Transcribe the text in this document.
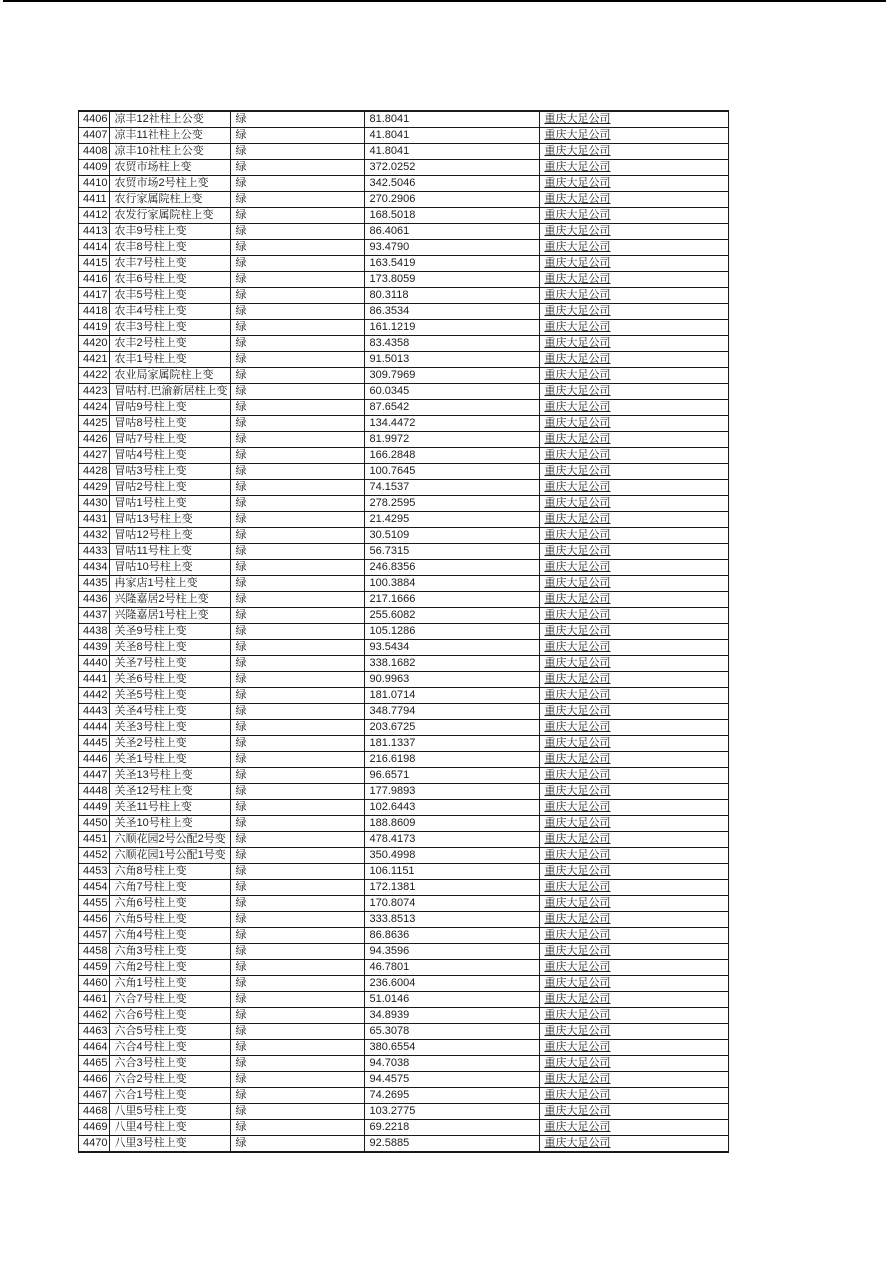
4406	凉丰12社柱上公变	绿	81.8041	重庆大足公司
4407	凉丰11社柱上公变	绿	41.8041	重庆大足公司
4408	凉丰10社柱上公变	绿	41.8041	重庆大足公司
4409	农贸市场柱上变	绿	372.0252	重庆大足公司
4410	农贸市场2号柱上变	绿	342.5046	重庆大足公司
4411	农行家属院柱上变	绿	270.2906	重庆大足公司
4412	农发行家属院柱上变	绿	168.5018	重庆大足公司
4413	农丰9号柱上变	绿	86.4061	重庆大足公司
4414	农丰8号柱上变	绿	93.4790	重庆大足公司
4415	农丰7号柱上变	绿	163.5419	重庆大足公司
4416	农丰6号柱上变	绿	173.8059	重庆大足公司
4417	农丰5号柱上变	绿	80.3118	重庆大足公司
4418	农丰4号柱上变	绿	86.3534	重庆大足公司
4419	农丰3号柱上变	绿	161.1219	重庆大足公司
4420	农丰2号柱上变	绿	83.4358	重庆大足公司
4421	农丰1号柱上变	绿	91.5013	重庆大足公司
4422	农业局家属院柱上变	绿	309.7969	重庆大足公司
4423	冒咕村.巴渝新居柱上变	绿	60.0345	重庆大足公司
4424	冒咕9号柱上变	绿	87.6542	重庆大足公司
4425	冒咕8号柱上变	绿	134.4472	重庆大足公司
4426	冒咕7号柱上变	绿	81.9972	重庆大足公司
4427	冒咕4号柱上变	绿	166.2848	重庆大足公司
4428	冒咕3号柱上变	绿	100.7645	重庆大足公司
4429	冒咕2号柱上变	绿	74.1537	重庆大足公司
4430	冒咕1号柱上变	绿	278.2595	重庆大足公司
4431	冒咕13号柱上变	绿	21.4295	重庆大足公司
4432	冒咕12号柱上变	绿	30.5109	重庆大足公司
4433	冒咕11号柱上变	绿	56.7315	重庆大足公司
4434	冒咕10号柱上变	绿	246.8356	重庆大足公司
4435	冉家店1号柱上变	绿	100.3884	重庆大足公司
4436	兴隆嘉居2号柱上变	绿	217.1666	重庆大足公司
4437	兴隆嘉居1号柱上变	绿	255.6082	重庆大足公司
4438	关圣9号柱上变	绿	105.1286	重庆大足公司
4439	关圣8号柱上变	绿	93.5434	重庆大足公司
4440	关圣7号柱上变	绿	338.1682	重庆大足公司
4441	关圣6号柱上变	绿	90.9963	重庆大足公司
4442	关圣5号柱上变	绿	181.0714	重庆大足公司
4443	关圣4号柱上变	绿	348.7794	重庆大足公司
4444	关圣3号柱上变	绿	203.6725	重庆大足公司
4445	关圣2号柱上变	绿	181.1337	重庆大足公司
4446	关圣1号柱上变	绿	216.6198	重庆大足公司
4447	关圣13号柱上变	绿	96.6571	重庆大足公司
4448	关圣12号柱上变	绿	177.9893	重庆大足公司
4449	关圣11号柱上变	绿	102.6443	重庆大足公司
4450	关圣10号柱上变	绿	188.8609	重庆大足公司
4451	六顺花园2号公配2号变	绿	478.4173	重庆大足公司
4452	六顺花园1号公配1号变	绿	350.4998	重庆大足公司
4453	六角8号柱上变	绿	106.1151	重庆大足公司
4454	六角7号柱上变	绿	172.1381	重庆大足公司
4455	六角6号柱上变	绿	170.8074	重庆大足公司
4456	六角5号柱上变	绿	333.8513	重庆大足公司
4457	六角4号柱上变	绿	86.8636	重庆大足公司
4458	六角3号柱上变	绿	94.3596	重庆大足公司
4459	六角2号柱上变	绿	46.7801	重庆大足公司
4460	六角1号柱上变	绿	236.6004	重庆大足公司
4461	六合7号柱上变	绿	51.0146	重庆大足公司
4462	六合6号柱上变	绿	34.8939	重庆大足公司
4463	六合5号柱上变	绿	65.3078	重庆大足公司
4464	六合4号柱上变	绿	380.6554	重庆大足公司
4465	六合3号柱上变	绿	94.7038	重庆大足公司
4466	六合2号柱上变	绿	94.4575	重庆大足公司
4467	六合1号柱上变	绿	74.2695	重庆大足公司
4468	八里5号柱上变	绿	103.2775	重庆大足公司
4469	八里4号柱上变	绿	69.2218	重庆大足公司
4470	八里3号柱上变	绿	92.5885	重庆大足公司
